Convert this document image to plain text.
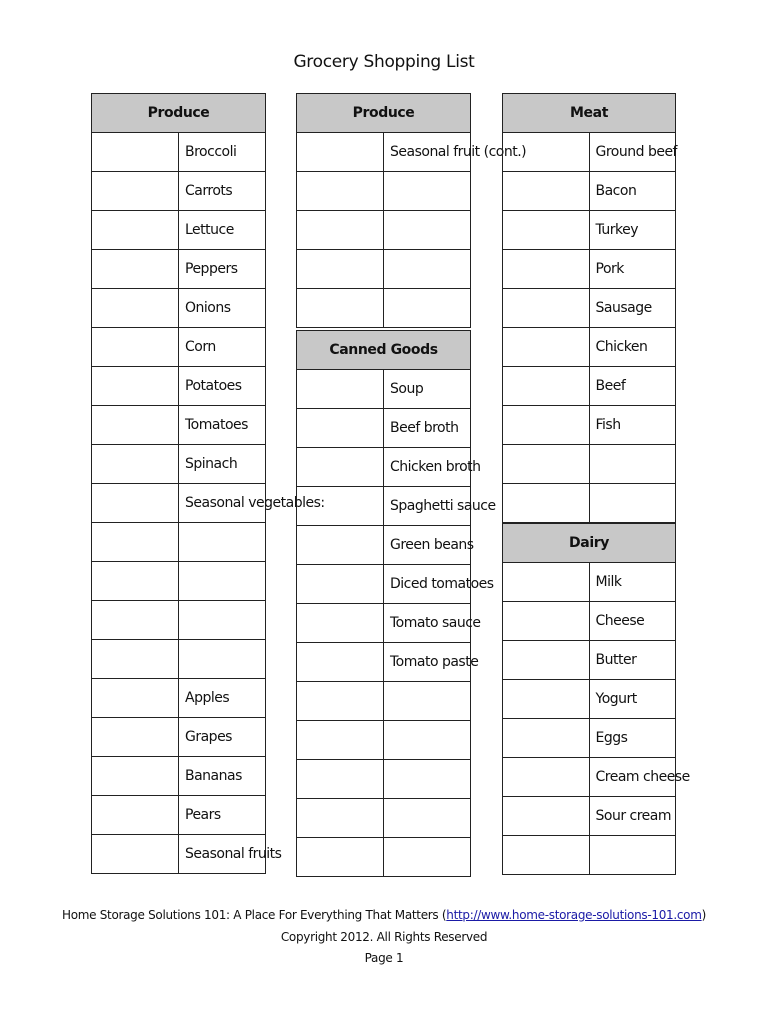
Grocery Shopping List
Produce	
	Broccoli
	Carrots
	Lettuce
	Peppers
	Onions
	Corn
	Potatoes
	Tomatoes
	Spinach
	Seasonal vegetables:

	Apples
	Grapes
	Bananas
	Pears
	Seasonal fruits
Produce	
	Seasonal fruit (cont.)

Canned Goods	
	Soup
	Beef broth
	Chicken broth
	Spaghetti sauce
	Green beans
	Diced tomatoes
	Tomato sauce
	Tomato paste

Meat	
	Ground beef
	Bacon
	Turkey
	Pork
	Sausage
	Chicken
	Beef
	Fish

Dairy	
	Milk
	Cheese
	Butter
	Yogurt
	Eggs
	Cream cheese
	Sour cream

Home Storage Solutions 101: A Place For Everything That Matters (http://www.home-storage-solutions-101.com)
Copyright 2012. All Rights Reserved
Page 1
